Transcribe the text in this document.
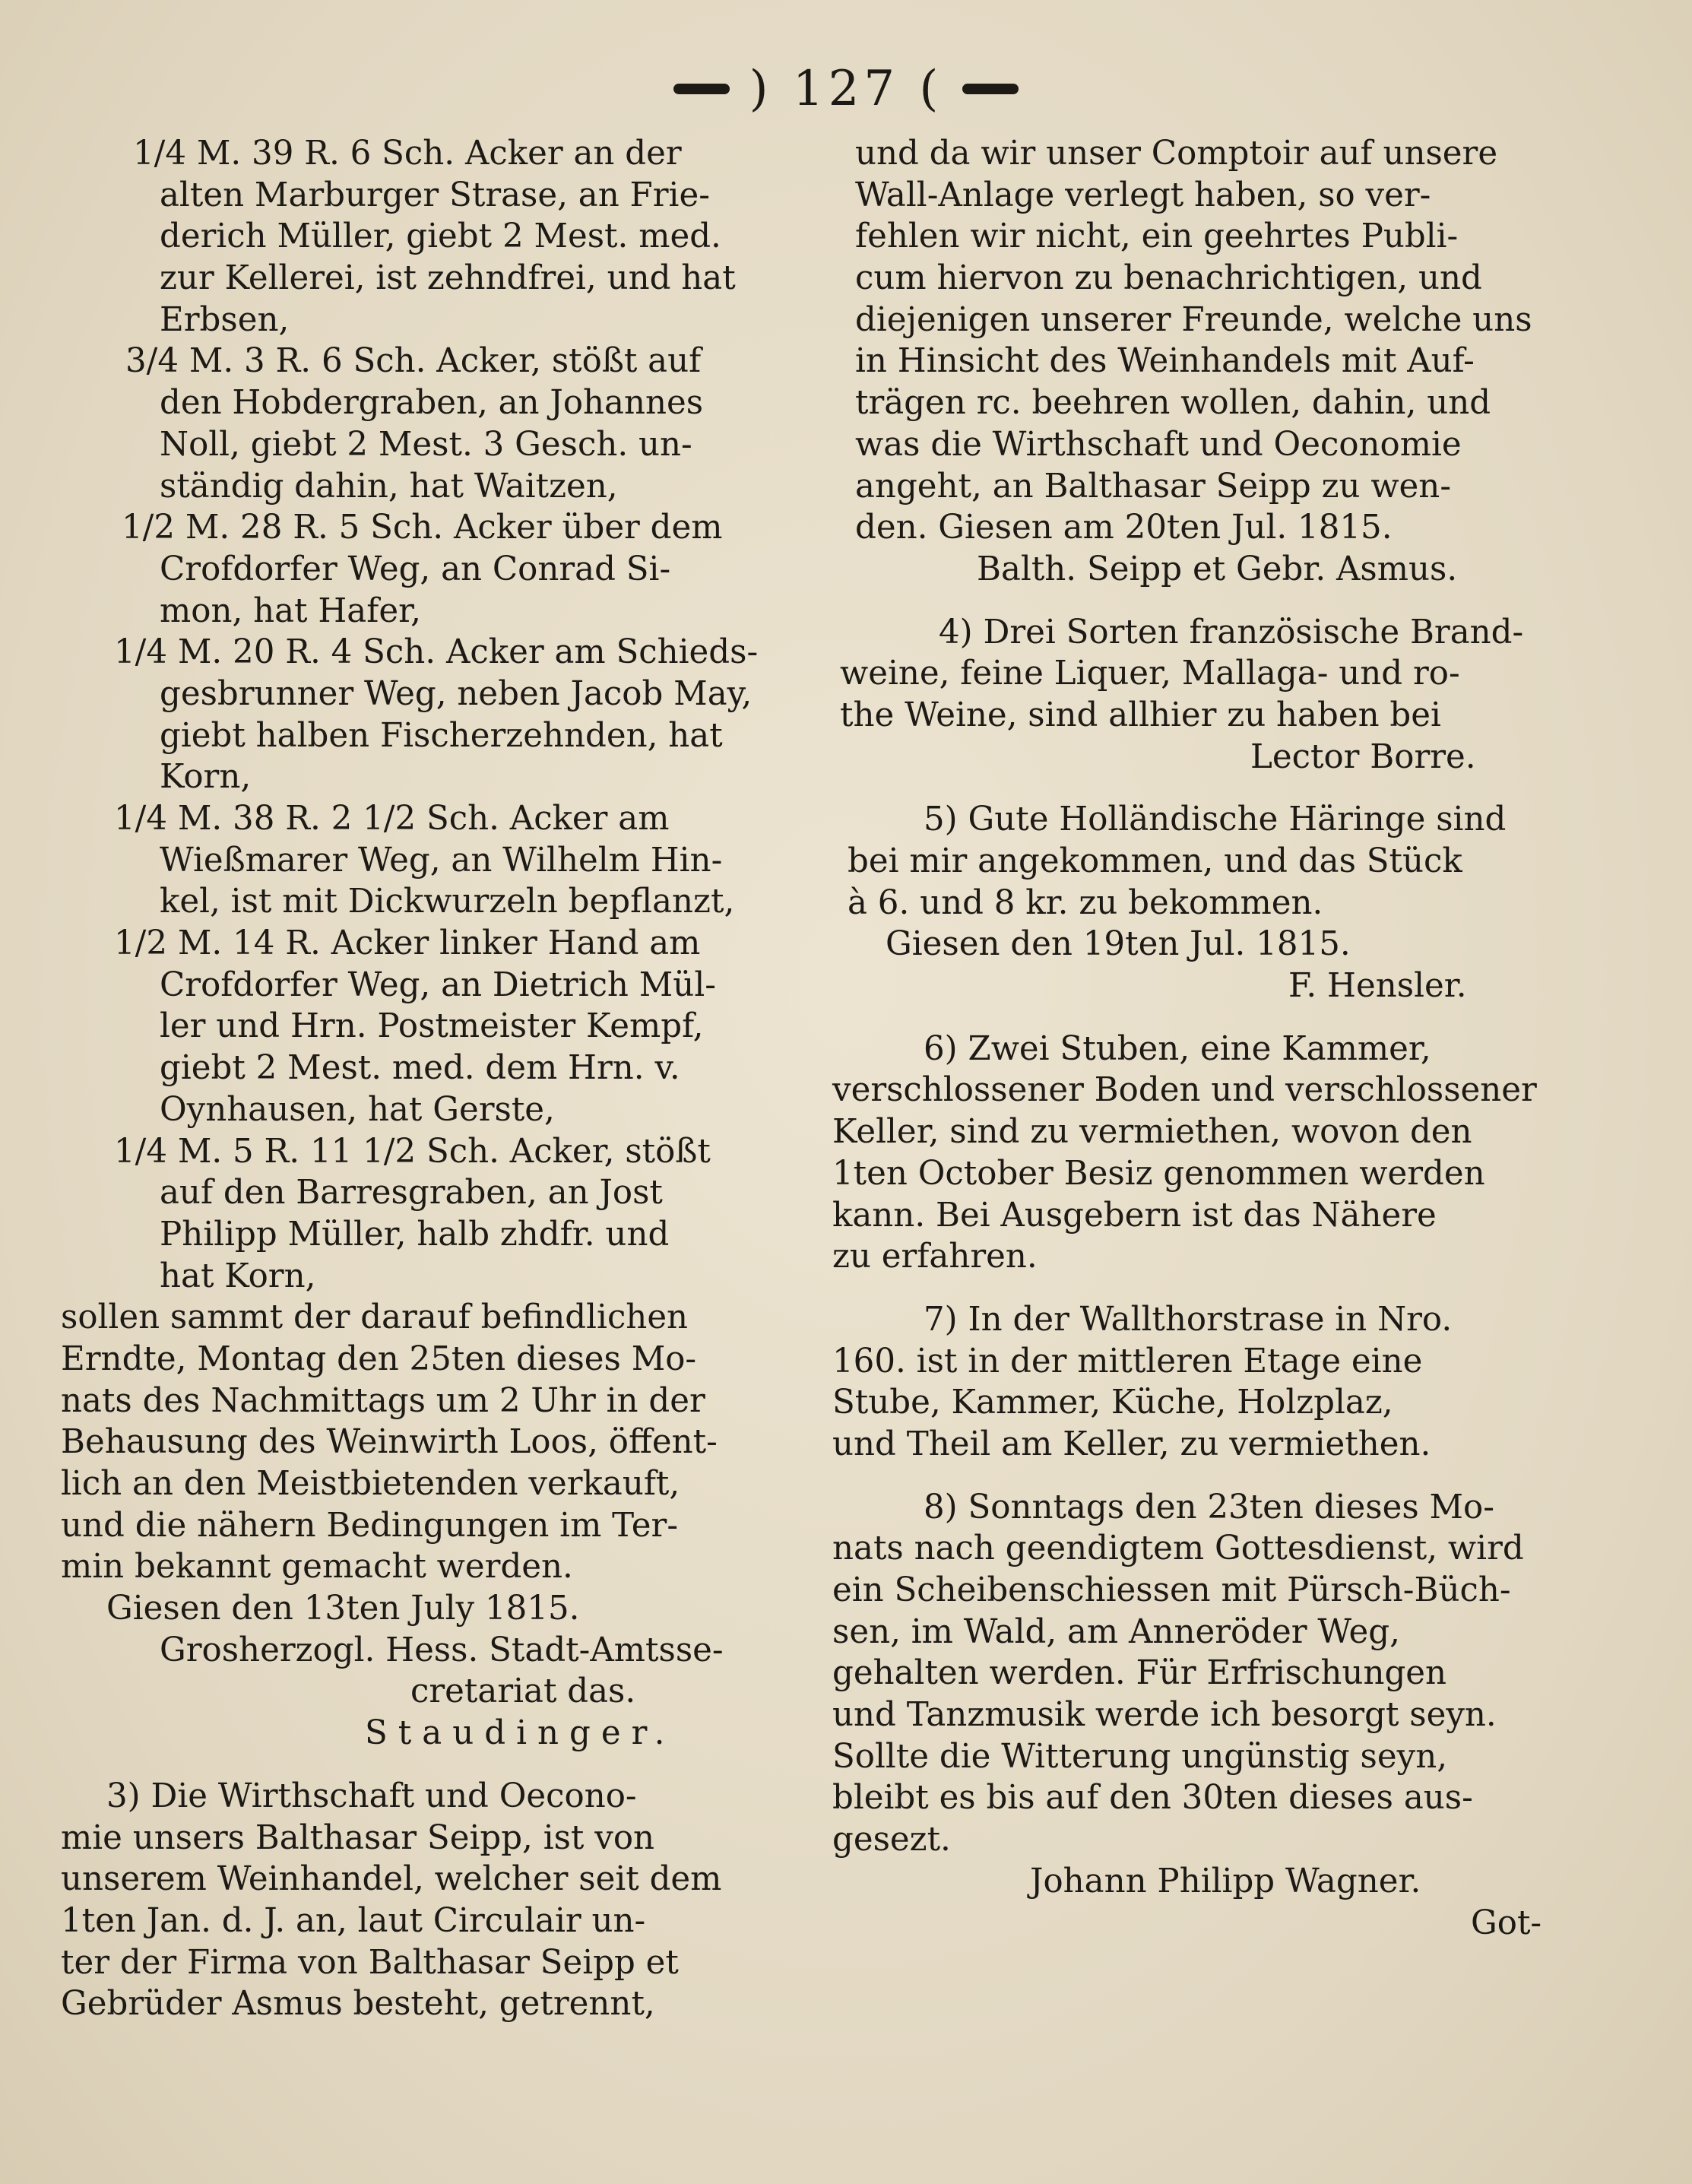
) 127 (
1/4 M. 39 R. 6 Sch. Acker an der
alten Marburger Strase, an Frie-
derich Müller, giebt 2 Mest. med.
zur Kellerei, ist zehndfrei, und hat
Erbsen,
3/4 M. 3 R. 6 Sch. Acker, stößt auf
den Hobdergraben, an Johannes
Noll, giebt 2 Mest. 3 Gesch. un-
ständig dahin, hat Waitzen,
1/2 M. 28 R. 5 Sch. Acker über dem
Crofdorfer Weg, an Conrad Si-
mon, hat Hafer,
1/4 M. 20 R. 4 Sch. Acker am Schieds-
gesbrunner Weg, neben Jacob May,
giebt halben Fischerzehnden, hat
Korn,
1/4 M. 38 R. 2 1/2 Sch. Acker am
Wießmarer Weg, an Wilhelm Hin-
kel, ist mit Dickwurzeln bepflanzt,
1/2 M. 14 R. Acker linker Hand am
Crofdorfer Weg, an Dietrich Mül-
ler und Hrn. Postmeister Kempf,
giebt 2 Mest. med. dem Hrn. v.
Oynhausen, hat Gerste,
1/4 M. 5 R. 11 1/2 Sch. Acker, stößt
auf den Barresgraben, an Jost
Philipp Müller, halb zhdfr. und
hat Korn,
sollen sammt der darauf befindlichen
Erndte, Montag den 25ten dieses Mo-
nats des Nachmittags um 2 Uhr in der
Behausung des Weinwirth Loos, öffent-
lich an den Meistbietenden verkauft,
und die nähern Bedingungen im Ter-
min bekannt gemacht werden.
Giesen den 13ten July 1815.
Grosherzogl. Hess. Stadt-Amtsse-
cretariat das.
Staudinger.
3) Die Wirthschaft und Oecono-
mie unsers Balthasar Seipp, ist von
unserem Weinhandel, welcher seit dem
1ten Jan. d. J. an, laut Circulair un-
ter der Firma von Balthasar Seipp et
Gebrüder Asmus besteht, getrennt,
und da wir unser Comptoir auf unsere
Wall-Anlage verlegt haben, so ver-
fehlen wir nicht, ein geehrtes Publi-
cum hiervon zu benachrichtigen, und
diejenigen unserer Freunde, welche uns
in Hinsicht des Weinhandels mit Auf-
trägen rc. beehren wollen, dahin, und
was die Wirthschaft und Oeconomie
angeht, an Balthasar Seipp zu wen-
den. Giesen am 20ten Jul. 1815.
Balth. Seipp et Gebr. Asmus.
4) Drei Sorten französische Brand-
weine, feine Liquer, Mallaga- und ro-
the Weine, sind allhier zu haben bei
Lector Borre.
5) Gute Holländische Häringe sind
bei mir angekommen, und das Stück
à 6. und 8 kr. zu bekommen.
Giesen den 19ten Jul. 1815.
F. Hensler.
6) Zwei Stuben, eine Kammer,
verschlossener Boden und verschlossener
Keller, sind zu vermiethen, wovon den
1ten October Besiz genommen werden
kann. Bei Ausgebern ist das Nähere
zu erfahren.
7) In der Wallthorstrase in Nro.
160. ist in der mittleren Etage eine
Stube, Kammer, Küche, Holzplaz,
und Theil am Keller, zu vermiethen.
8) Sonntags den 23ten dieses Mo-
nats nach geendigtem Gottesdienst, wird
ein Scheibenschiessen mit Pürsch-Büch-
sen, im Wald, am Anneröder Weg,
gehalten werden. Für Erfrischungen
und Tanzmusik werde ich besorgt seyn.
Sollte die Witterung ungünstig seyn,
bleibt es bis auf den 30ten dieses aus-
gesezt.
Johann Philipp Wagner.
Got-
